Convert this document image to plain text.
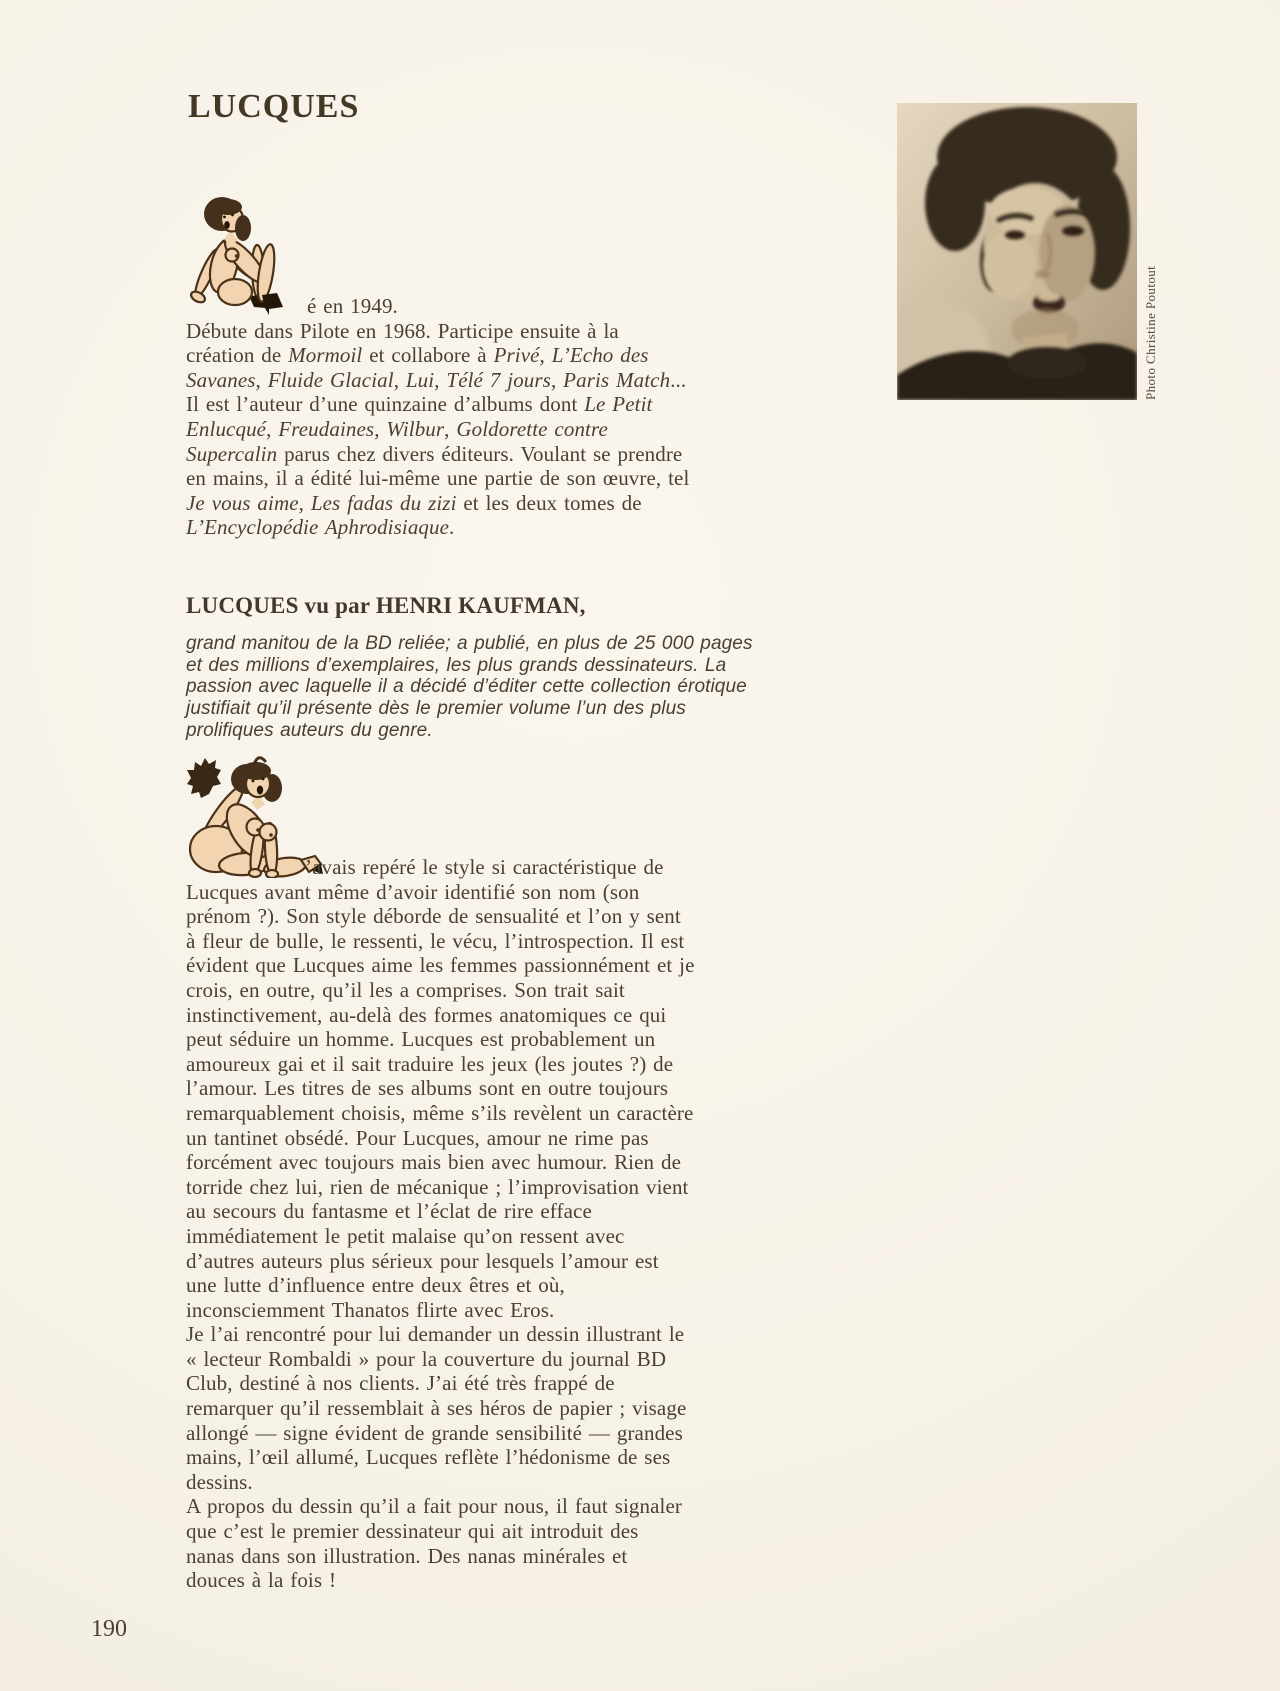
LUCQUES
é en 1949.
Débute dans Pilote en 1968. Participe ensuite à la
création de Mormoil et collabore à Privé, L’Echo des
Savanes, Fluide Glacial, Lui, Télé 7 jours, Paris Match...
Il est l’auteur d’une quinzaine d’albums dont Le Petit
Enlucqué, Freudaines, Wilbur, Goldorette contre
Supercalin parus chez divers éditeurs. Voulant se prendre
en mains, il a édité lui-même une partie de son œuvre, tel
Je vous aime, Les fadas du zizi et les deux tomes de
L’Encyclopédie Aphrodisiaque.
LUCQUES vu par HENRI KAUFMAN,
grand manitou de la BD reliée; a publié, en plus de 25 000 pages
et des millions d’exemplaires, les plus grands dessinateurs. La
passion avec laquelle il a décidé d’éditer cette collection érotique
justifiait qu’il présente dès le premier volume l’un des plus
prolifiques auteurs du genre.
’avais repéré le style si caractéristique de
Lucques avant même d’avoir identifié son nom (son
prénom ?). Son style déborde de sensualité et l’on y sent
à fleur de bulle, le ressenti, le vécu, l’introspection. Il est
évident que Lucques aime les femmes passionnément et je
crois, en outre, qu’il les a comprises. Son trait sait
instinctivement, au-delà des formes anatomiques ce qui
peut séduire un homme. Lucques est probablement un
amoureux gai et il sait traduire les jeux (les joutes ?) de
l’amour. Les titres de ses albums sont en outre toujours
remarquablement choisis, même s’ils revèlent un caractère
un tantinet obsédé. Pour Lucques, amour ne rime pas
forcément avec toujours mais bien avec humour. Rien de
torride chez lui, rien de mécanique ; l’improvisation vient
au secours du fantasme et l’éclat de rire efface
immédiatement le petit malaise qu’on ressent avec
d’autres auteurs plus sérieux pour lesquels l’amour est
une lutte d’influence entre deux êtres et où,
inconsciemment Thanatos flirte avec Eros.
Je l’ai rencontré pour lui demander un dessin illustrant le
« lecteur Rombaldi » pour la couverture du journal BD
Club, destiné à nos clients. J’ai été très frappé de
remarquer qu’il ressemblait à ses héros de papier ; visage
allongé — signe évident de grande sensibilité — grandes
mains, l’œil allumé, Lucques reflète l’hédonisme de ses
dessins.
A propos du dessin qu’il a fait pour nous, il faut signaler
que c’est le premier dessinateur qui ait introduit des
nanas dans son illustration. Des nanas minérales et
douces à la fois !
Photo Christine Poutout
190
